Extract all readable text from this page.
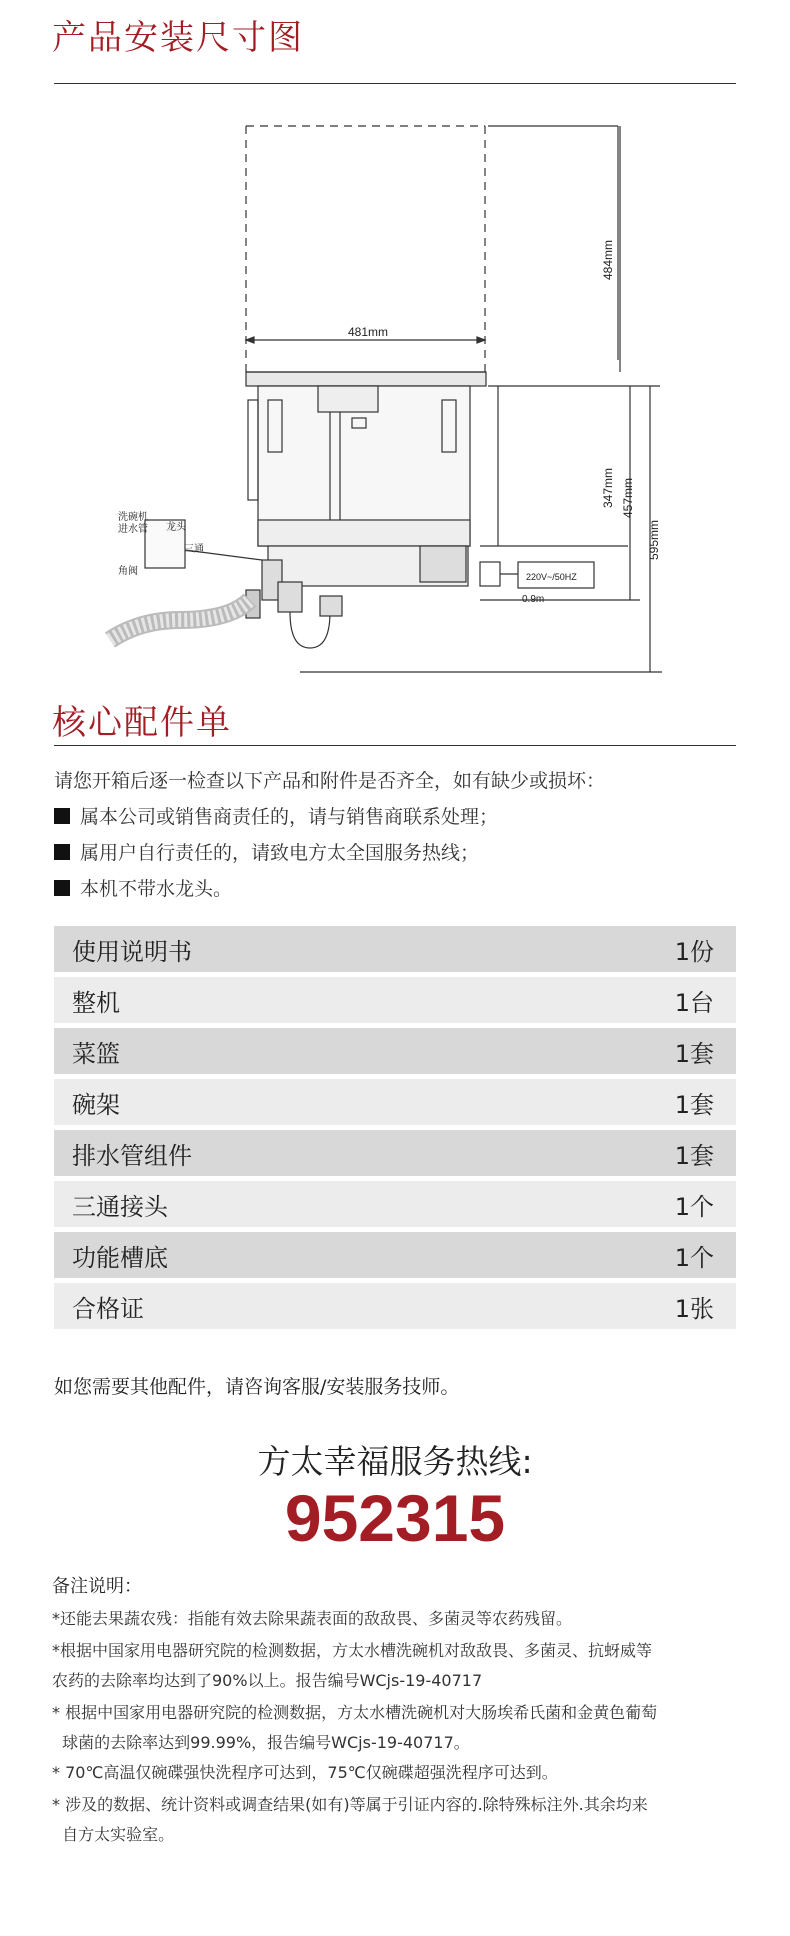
产品安装尺寸图
481mm
484mm
347mm 457mm
595mm
220V~/50HZ
0.9m
洗碗机
进水管 龙头
三通
角阀
核心配件单
请您开箱后逐一检查以下产品和附件是否齐全，如有缺少或损坏：
属本公司或销售商责任的，请与销售商联系处理；
属用户自行责任的，请致电方太全国服务热线；
本机不带水龙头。
使用说明书	1份
整机	1台
菜篮	1套
碗架	1套
排水管组件	1套
三通接头	1个
功能槽底	1个
合格证	1张
如您需要其他配件，请咨询客服/安装服务技师。
方太幸福服务热线:
952315
备注说明：
*还能去果蔬农残：指能有效去除果蔬表面的敌敌畏、多菌灵等农药残留。
*根据中国家用电器研究院的检测数据，方太水槽洗碗机对敌敌畏、多菌灵、抗蚜威等
农药的去除率均达到了90%以上。报告编号WCjs-19-40717
* 根据中国家用电器研究院的检测数据，方太水槽洗碗机对大肠埃希氏菌和金黄色葡萄
球菌的去除率达到99.99%，报告编号WCjs-19-40717。
* 70℃高温仅碗碟强快洗程序可达到，75℃仅碗碟超强洗程序可达到。
* 涉及的数据、统计资料或调查结果(如有)等属于引证内容的.除特殊标注外.其余均来
自方太实验室。
